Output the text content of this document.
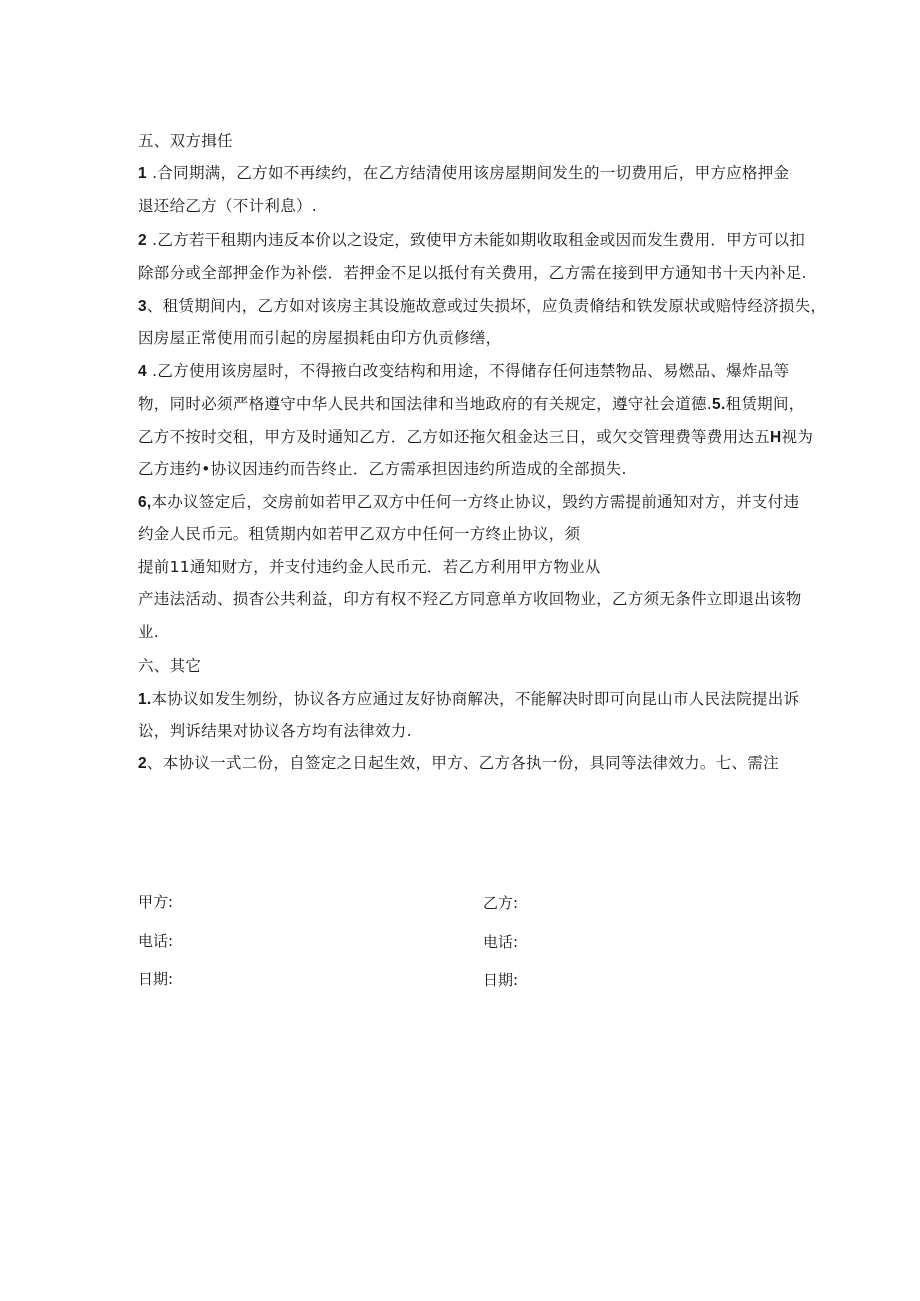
五、双方揖任
1 .合同期满，乙方如不再续约，在乙方结清使用该房屋期间发生的一切费用后，甲方应格押金
退还给乙方（不计利息）.
2 .乙方若干租期内违反本价以之设定，致使甲方未能如期收取租金或因而发生费用．甲方可以扣
除部分或全部押金作为补偿．若押金不足以抵付有关费用，乙方需在接到甲方通知书十天内补足.
3、租赁期间内，乙方如对该房主其设施故意或过失损坏，应负责脩结和铁发原状或赔恃经济损失，
因房屋正常使用而引起的房屋损耗由印方仇贡修缮，
4 .乙方使用该房屋时，不得掖白改变结构和用途，不得储存任何违禁物品、易燃品、爆炸品等
物，同时必须严格遵守中华人民共和国法律和当地政府的有关规定，遵守社会道德.5.租赁期间，
乙方不按时交租，甲方及时通知乙方．乙方如还拖欠租金达三日，或欠交管理费等费用达五H视为
乙方违约•协议因违约而告终止．乙方需承担因违约所造成的全部损失.
6,本办议签定后，交房前如若甲乙双方中任何一方终止协议，毁约方需提前通知对方，并支付违
约金人民币元。租赁期内如若甲乙双方中任何一方终止协议，须
提前11通知财方，并支付违约金人民币元．若乙方利用甲方物业从
产违法活动、损杳公共利益，印方有权不羟乙方同意单方收回物业，乙方须无条件立即退出该物
业.
六、其它
1.本协议如发生刎纷，协议各方应通过友好协商解决，不能解决时即可向昆山市人民法院提出诉
讼，判诉结果对协议各方均有法律效力.
2、本协议一式二份，自签定之日起生效，甲方、乙方各执一份，具同等法律效力。七、需注
甲方:	乙方:
电话:	电话:
日期:	日期:
